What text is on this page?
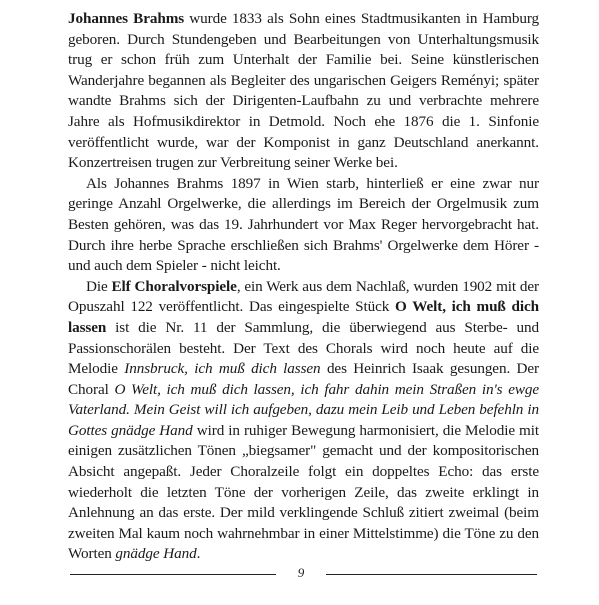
Johannes Brahms wurde 1833 als Sohn eines Stadtmusikanten in Hamburg geboren. Durch Stundengeben und Bearbeitungen von Unterhaltungsmusik trug er schon früh zum Unterhalt der Familie bei. Seine künstlerischen Wanderjahre begannen als Begleiter des ungarischen Geigers Reményi; später wandte Brahms sich der Dirigenten-Laufbahn zu und verbrachte mehrere Jahre als Hofmusikdirektor in Detmold. Noch ehe 1876 die 1. Sinfonie veröffentlicht wurde, war der Komponist in ganz Deutschland anerkannt. Konzertreisen trugen zur Verbreitung seiner Werke bei.

Als Johannes Brahms 1897 in Wien starb, hinterließ er eine zwar nur geringe Anzahl Orgelwerke, die allerdings im Bereich der Orgelmusik zum Besten gehören, was das 19. Jahrhundert vor Max Reger hervorgebracht hat. Durch ihre herbe Sprache erschließen sich Brahms' Orgelwerke dem Hörer - und auch dem Spieler - nicht leicht.

Die Elf Choralvorspiele, ein Werk aus dem Nachlaß, wurden 1902 mit der Opuszahl 122 veröffentlicht. Das eingespielte Stück O Welt, ich muß dich lassen ist die Nr. 11 der Sammlung, die überwiegend aus Sterbe- und Passionschorälen besteht. Der Text des Chorals wird noch heute auf die Melodie Innsbruck, ich muß dich lassen des Heinrich Isaak gesungen. Der Choral O Welt, ich muß dich lassen, ich fahr dahin mein Straßen in's ewge Vaterland. Mein Geist will ich aufgeben, dazu mein Leib und Leben befehln in Gottes gnädge Hand wird in ruhiger Bewegung harmonisiert, die Melodie mit einigen zusätzlichen Tönen „biegsamer" gemacht und der kompositorischen Absicht angepaßt. Jeder Choralzeile folgt ein doppeltes Echo: das erste wiederholt die letzten Töne der vorherigen Zeile, das zweite erklingt in Anlehnung an das erste. Der mild verklingende Schluß zitiert zweimal (beim zweiten Mal kaum noch wahrnehmbar in einer Mittelstimme) die Töne zu den Worten gnädge Hand.

9
